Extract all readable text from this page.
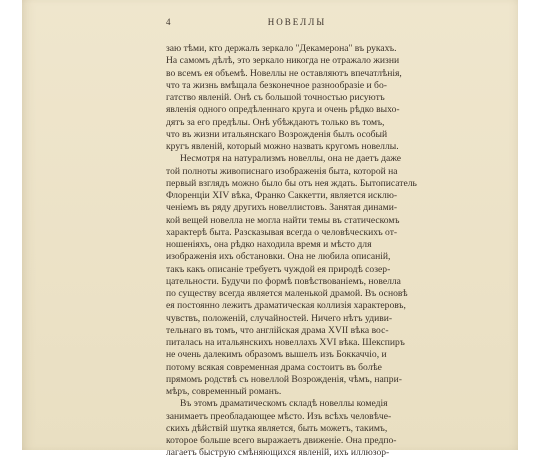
4	НОВЕЛЛЫ
заю тѣми, кто держалъ зеркало "Декамерона" въ рукахъ.
На самомъ дѣлѣ, это зеркало никогда не отражало жизни
во всемъ ея объемѣ. Новеллы не оставляютъ впечатлѣнія,
что та жизнь вмѣщала безконечное разнообразіе и бо-
гатство явленій. Онѣ съ большой точностью рисуютъ
явленія одного опредѣленнаго круга и очень рѣдко выхо-
дятъ за его предѣлы. Онѣ убѣждаютъ только въ томъ,
что въ жизни итальянскаго Возрожденія былъ особый
кругъ явленій, который можно назвать кругомъ новеллы.
Несмотря на натурализмъ новеллы, она не даетъ даже
той полноты живописнаго изображенія быта, которой на
первый взглядъ можно было бы отъ нея ждать. Бытописатель
Флоренціи XIV вѣка, Франко Саккетти, является исклю-
ченіемъ въ ряду другихъ новеллистовъ. Занятая динами-
кой вещей новелла не могла найти темы въ статическомъ
характерѣ быта. Разсказывая всегда о человѣческихъ от-
ношеніяхъ, она рѣдко находила время и мѣсто для
изображенія ихъ обстановки. Она не любила описаній,
такъ какъ описаніе требуетъ чуждой ея природѣ созер-
цательности. Будучи по формѣ повѣствованіемъ, новелла
по существу всегда является маленькой драмой. Въ основѣ
ея постоянно лежитъ драматическая коллизія характеровъ,
чувствъ, положеній, случайностей. Ничего нѣтъ удиви-
тельнаго въ томъ, что англійская драма XVII вѣка вос-
питалась на итальянскихъ новеллахъ XVI вѣка. Шекспиръ
не очень далекимъ образомъ вышелъ изъ Боккаччіо, и
потому всякая современная драма состоитъ въ болѣе
прямомъ родствѣ съ новеллой Возрожденія, чѣмъ, напри-
мѣръ, современный романъ.
Въ этомъ драматическомъ складѣ новеллы комедія
занимаетъ преобладающее мѣсто. Изъ всѣхъ человѣче-
скихъ дѣйствій шутка является, быть можетъ, такимъ,
которое больше всего выражаетъ движеніе. Она предпо-
лагаетъ быструю смѣняющихся явленій, ихъ иллюзор-
